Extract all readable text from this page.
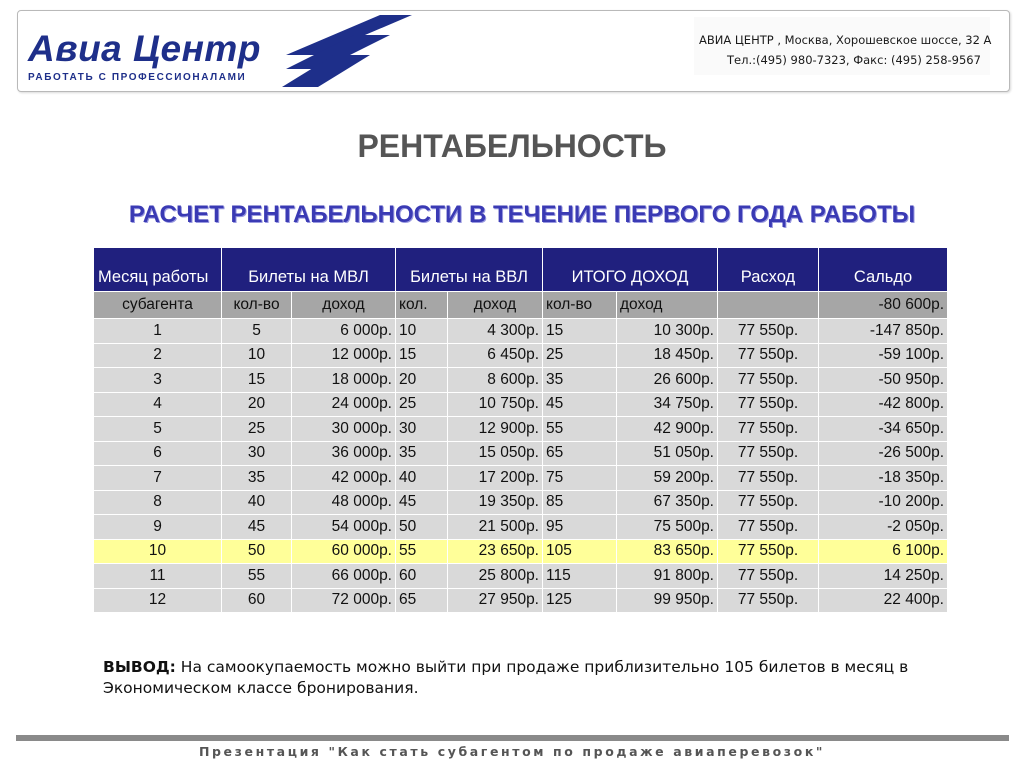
Авиа Центр
РАБОТАТЬ С ПРОФЕССИОНАЛАМИ
АВИА ЦЕНТР , Москва, Хорошевское шоссе, 32 А
Тел.:(495) 980-7323, Факс: (495) 258-9567
РЕНТАБЕЛЬНОСТЬ
РАСЧЕТ РЕНТАБЕЛЬНОСТИ В ТЕЧЕНИЕ ПЕРВОГО ГОДА РАБОТЫ
Месяц работы	Билеты на МВЛ		Билеты на ВВЛ		ИТОГО ДОХОД		Расход	Сальдо
субагента	кол-во	доход	кол.	доход	кол-во	доход		-80 600р.
1	5	6 000р.	10	4 300р.	15	10 300р.	77 550р.	-147 850р.
2	10	12 000р.	15	6 450р.	25	18 450р.	77 550р.	-59 100р.
3	15	18 000р.	20	8 600р.	35	26 600р.	77 550р.	-50 950р.
4	20	24 000р.	25	10 750р.	45	34 750р.	77 550р.	-42 800р.
5	25	30 000р.	30	12 900р.	55	42 900р.	77 550р.	-34 650р.
6	30	36 000р.	35	15 050р.	65	51 050р.	77 550р.	-26 500р.
7	35	42 000р.	40	17 200р.	75	59 200р.	77 550р.	-18 350р.
8	40	48 000р.	45	19 350р.	85	67 350р.	77 550р.	-10 200р.
9	45	54 000р.	50	21 500р.	95	75 500р.	77 550р.	-2 050р.
10	50	60 000р.	55	23 650р.	105	83 650р.	77 550р.	6 100р.
11	55	66 000р.	60	25 800р.	115	91 800р.	77 550р.	14 250р.
12	60	72 000р.	65	27 950р.	125	99 950р.	77 550р.	22 400р.
ВЫВОД: На самоокупаемость можно выйти при продаже приблизительно 105 билетов в месяц в Экономическом классе бронирования.
Презентация "Как стать субагентом по продаже авиаперевозок"
